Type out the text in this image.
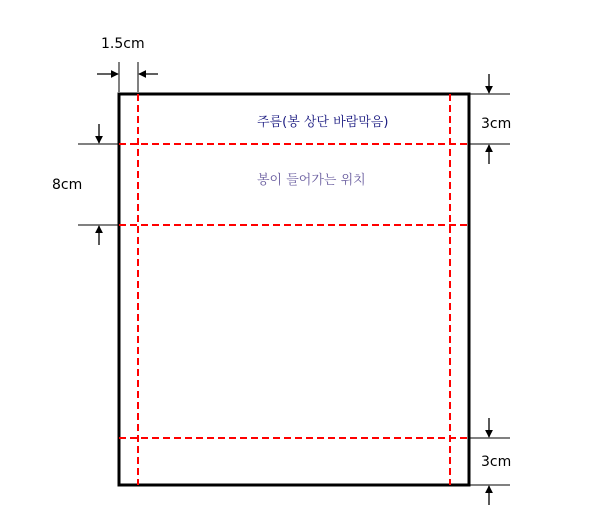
1.5cm
3cm
8cm
3cm
주름(봉 상단 바람막음)
봉이 들어가는 위치
